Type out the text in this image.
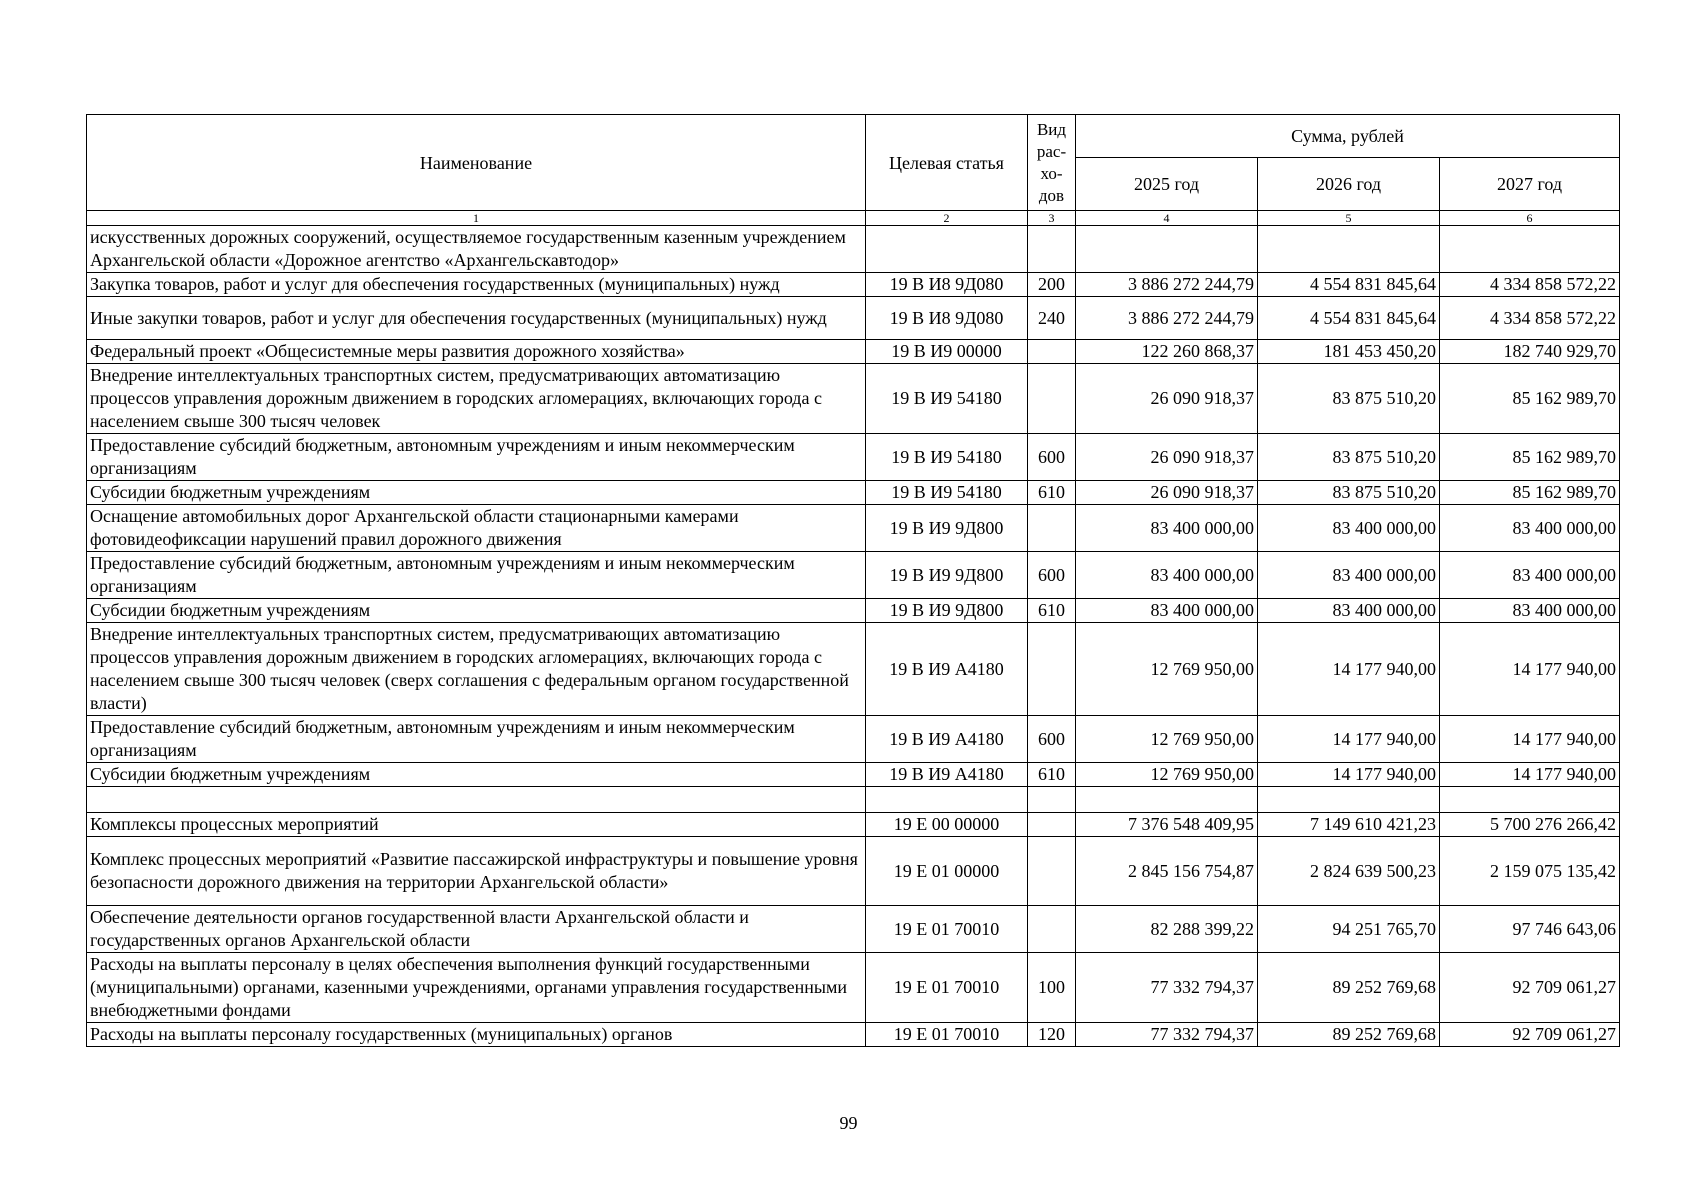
Наименование	Целевая статья	Вид
рас-
хо-
дов	Сумма, рублей		
			2025 год	2026 год	2027 год
1	2	3	4	5	6
искусственных дорожных сооружений, осуществляемое государственным казенным учреждением Архангельской области «Дорожное агентство «Архангельскавтодор»					
Закупка товаров, работ и услуг для обеспечения государственных (муниципальных) нужд	19 В И8 9Д080	200	3 886 272 244,79	4 554 831 845,64	4 334 858 572,22
Иные закупки товаров, работ и услуг для обеспечения государственных (муниципальных) нужд	19 В И8 9Д080	240	3 886 272 244,79	4 554 831 845,64	4 334 858 572,22
Федеральный проект «Общесистемные меры развития дорожного хозяйства»	19 В И9 00000		122 260 868,37	181 453 450,20	182 740 929,70
Внедрение интеллектуальных транспортных систем, предусматривающих автоматизацию процессов управления дорожным движением в городских агломерациях, включающих города с населением свыше 300 тысяч человек	19 В И9 54180		26 090 918,37	83 875 510,20	85 162 989,70
Предоставление субсидий бюджетным, автономным учреждениям и иным некоммерческим организациям	19 В И9 54180	600	26 090 918,37	83 875 510,20	85 162 989,70
Субсидии бюджетным учреждениям	19 В И9 54180	610	26 090 918,37	83 875 510,20	85 162 989,70
Оснащение автомобильных дорог Архангельской области стационарными камерами фотовидеофиксации нарушений правил дорожного движения	19 В И9 9Д800		83 400 000,00	83 400 000,00	83 400 000,00
Предоставление субсидий бюджетным, автономным учреждениям и иным некоммерческим организациям	19 В И9 9Д800	600	83 400 000,00	83 400 000,00	83 400 000,00
Субсидии бюджетным учреждениям	19 В И9 9Д800	610	83 400 000,00	83 400 000,00	83 400 000,00
Внедрение интеллектуальных транспортных систем, предусматривающих автоматизацию процессов управления дорожным движением в городских агломерациях, включающих города с населением свыше 300 тысяч человек (сверх соглашения с федеральным органом государственной власти)	19 В И9 А4180		12 769 950,00	14 177 940,00	14 177 940,00
Предоставление субсидий бюджетным, автономным учреждениям и иным некоммерческим организациям	19 В И9 А4180	600	12 769 950,00	14 177 940,00	14 177 940,00
Субсидии бюджетным учреждениям	19 В И9 А4180	610	12 769 950,00	14 177 940,00	14 177 940,00

Комплексы процессных мероприятий	19 Е 00 00000		7 376 548 409,95	7 149 610 421,23	5 700 276 266,42
Комплекс процессных мероприятий «Развитие пассажирской инфраструктуры и повышение уровня безопасности дорожного движения на территории Архангельской области»	19 Е 01 00000		2 845 156 754,87	2 824 639 500,23	2 159 075 135,42
Обеспечение деятельности органов государственной власти Архангельской области и государственных органов Архангельской области	19 Е 01 70010		82 288 399,22	94 251 765,70	97 746 643,06
Расходы на выплаты персоналу в целях обеспечения выполнения функций государственными (муниципальными) органами, казенными учреждениями, органами управления государственными внебюджетными фондами	19 Е 01 70010	100	77 332 794,37	89 252 769,68	92 709 061,27
Расходы на выплаты персоналу государственных (муниципальных) органов	19 Е 01 70010	120	77 332 794,37	89 252 769,68	92 709 061,27
99
